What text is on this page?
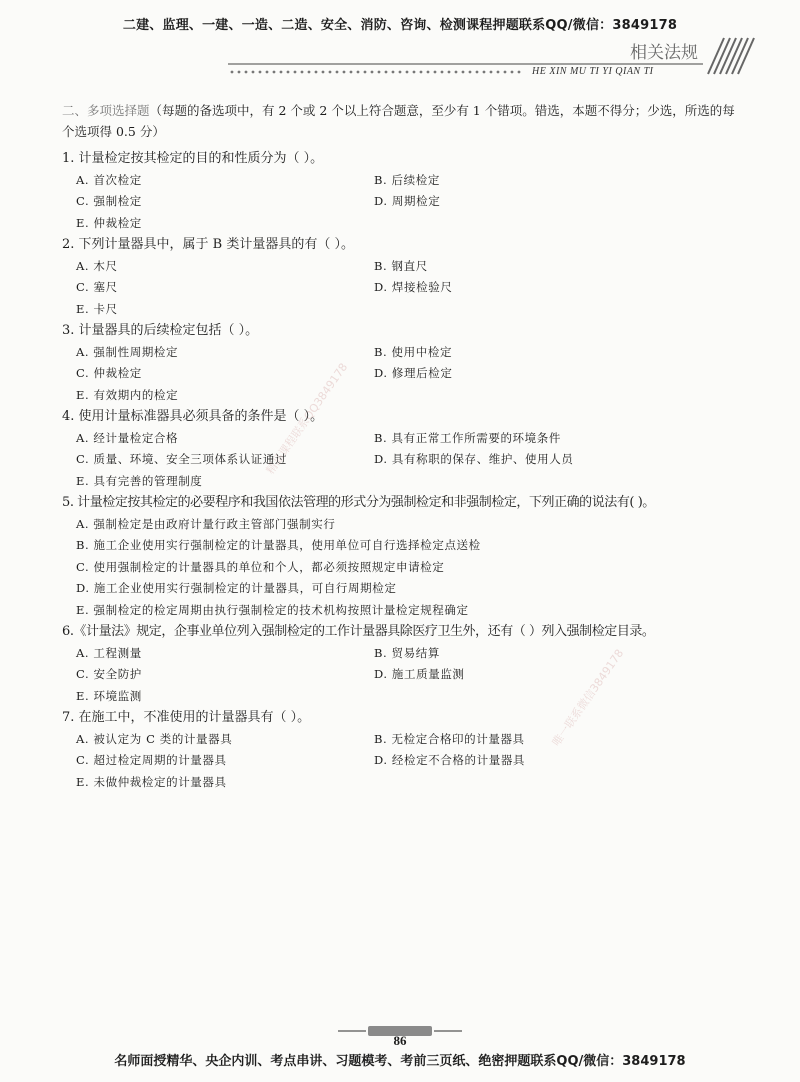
二建、监理、一建、一造、二造、安全、消防、咨询、检测课程押题联系QQ/微信：3849178
相关法规
HE XIN MU TI YI QIAN TI
精品课程联系QQ3849178
唯一联系微信3849178
二、多项选择题（每题的备选项中，有 2 个或 2 个以上符合题意，至少有 1 个错项。错选，本题不得分；少选，所选的每个选项得 0.5 分）

1. 计量检定按其检定的目的和性质分为（ ）。

A. 首次检定	B. 后续检定
C. 强制检定	D. 周期检定
E. 仲裁检定

2. 下列计量器具中，属于 B 类计量器具的有（ ）。

A. 木尺	B. 钢直尺
C. 塞尺	D. 焊接检验尺
E. 卡尺

3. 计量器具的后续检定包括（ ）。

A. 强制性周期检定	B. 使用中检定
C. 仲裁检定	D. 修理后检定
E. 有效期内的检定

4. 使用计量标准器具必须具备的条件是（ ）。

A. 经计量检定合格	B. 具有正常工作所需要的环境条件
C. 质量、环境、安全三项体系认证通过	D. 具有称职的保存、维护、使用人员
E. 具有完善的管理制度

5. 计量检定按其检定的必要程序和我国依法管理的形式分为强制检定和非强制检定，下列正确的说法有( )。

A. 强制检定是由政府计量行政主管部门强制实行
B. 施工企业使用实行强制检定的计量器具，使用单位可自行选择检定点送检
C. 使用强制检定的计量器具的单位和个人，都必须按照规定申请检定
D. 施工企业使用实行强制检定的计量器具，可自行周期检定
E. 强制检定的检定周期由执行强制检定的技术机构按照计量检定规程确定

6.《计量法》规定，企事业单位列入强制检定的工作计量器具除医疗卫生外，还有（ ）列入强制检定目录。

A. 工程测量	B. 贸易结算
C. 安全防护	D. 施工质量监测
E. 环境监测

7. 在施工中，不准使用的计量器具有（ ）。

A. 被认定为 C 类的计量器具	B. 无检定合格印的计量器具
C. 超过检定周期的计量器具	D. 经检定不合格的计量器具
E. 未做仲裁检定的计量器具
86
名师面授精华、央企内训、考点串讲、习题模考、考前三页纸、绝密押题联系QQ/微信：3849178
